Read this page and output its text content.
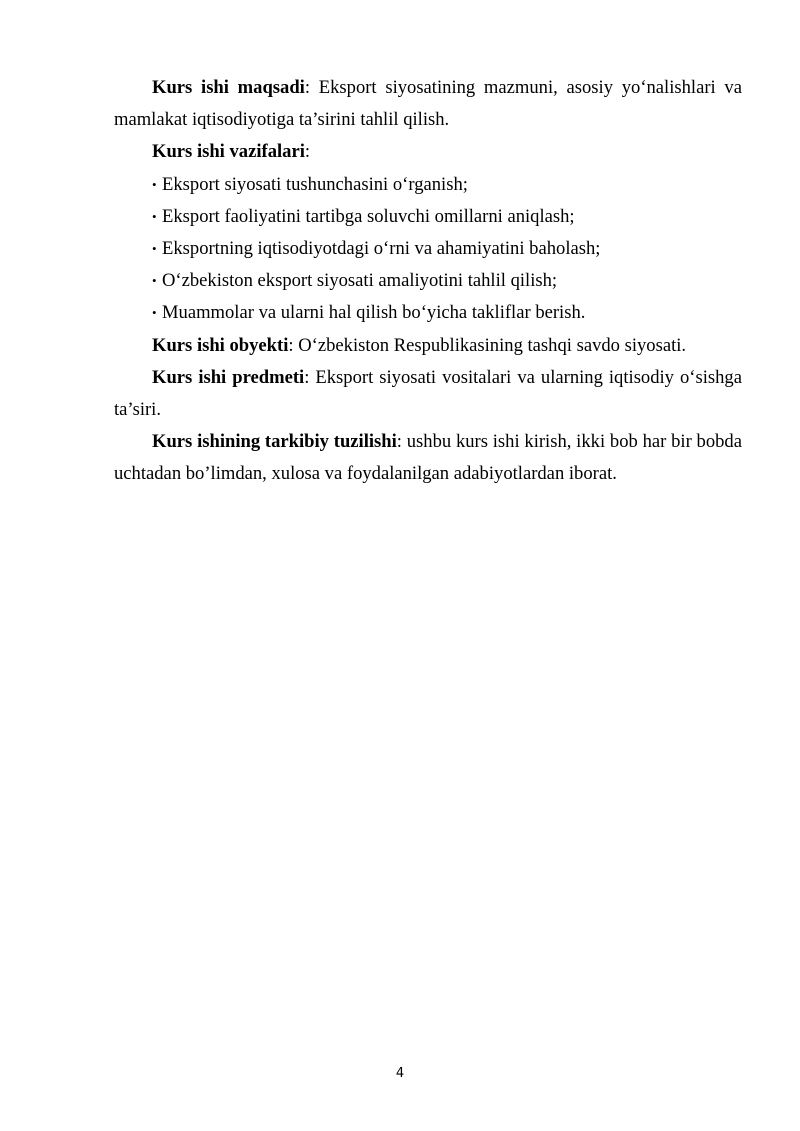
Kurs ishi maqsadi: Eksport siyosatining mazmuni, asosiy yo‘nalishlari va mamlakat iqtisodiyotiga ta’sirini tahlil qilish.

Kurs ishi vazifalari:

• Eksport siyosati tushunchasini o‘rganish;

• Eksport faoliyatini tartibga soluvchi omillarni aniqlash;

• Eksportning iqtisodiyotdagi o‘rni va ahamiyatini baholash;

• O‘zbekiston eksport siyosati amaliyotini tahlil qilish;

• Muammolar va ularni hal qilish bo‘yicha takliflar berish.

Kurs ishi obyekti: O‘zbekiston Respublikasining tashqi savdo siyosati.

Kurs ishi predmeti: Eksport siyosati vositalari va ularning iqtisodiy o‘sishga ta’siri.

Kurs ishining tarkibiy tuzilishi: ushbu kurs ishi kirish, ikki bob har bir bobda uchtadan bo’limdan, xulosa va foydalanilgan adabiyotlardan iborat.

4
